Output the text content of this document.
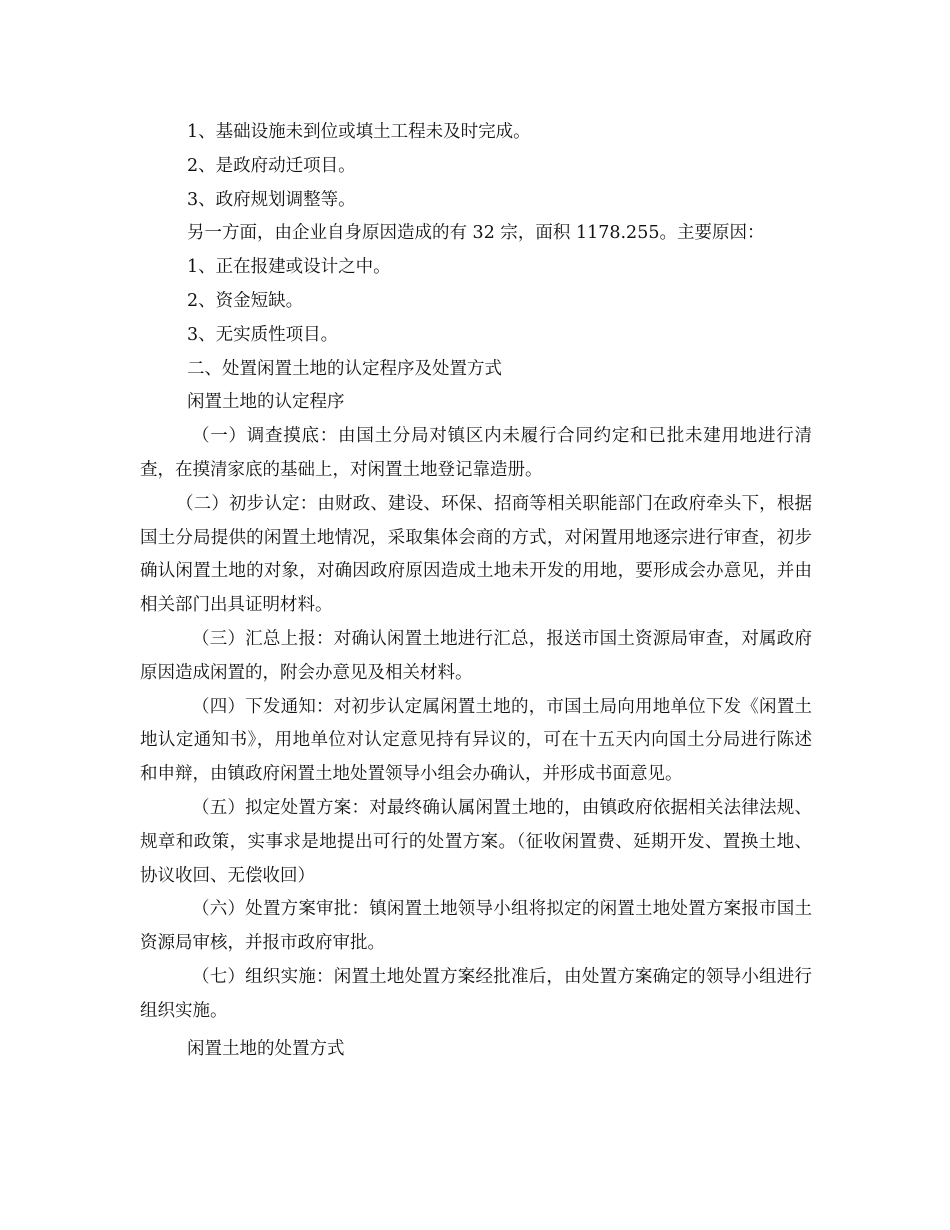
1、基础设施未到位或填土工程未及时完成。

2、是政府动迁项目。

3、政府规划调整等。

另一方面，由企业自身原因造成的有 32 宗，面积 1178.255。主要原因：

1、正在报建或设计之中。

2、资金短缺。

3、无实质性项目。

二、处置闲置土地的认定程序及处置方式

闲置土地的认定程序

（一）调查摸底：由国土分局对镇区内未履行合同约定和已批未建用地进行清查，在摸清家底的基础上，对闲置土地登记靠造册。

（二）初步认定：由财政、建设、环保、招商等相关职能部门在政府牵头下，根据国土分局提供的闲置土地情况，采取集体会商的方式，对闲置用地逐宗进行审查，初步确认闲置土地的对象，对确因政府原因造成土地未开发的用地，要形成会办意见，并由相关部门出具证明材料。

（三）汇总上报：对确认闲置土地进行汇总，报送市国土资源局审查，对属政府原因造成闲置的，附会办意见及相关材料。

（四）下发通知：对初步认定属闲置土地的，市国土局向用地单位下发《闲置土地认定通知书》，用地单位对认定意见持有异议的，可在十五天内向国土分局进行陈述和申辩，由镇政府闲置土地处置领导小组会办确认，并形成书面意见。

（五）拟定处置方案：对最终确认属闲置土地的，由镇政府依据相关法律法规、规章和政策，实事求是地提出可行的处置方案。（征收闲置费、延期开发、置换土地、协议收回、无偿收回）

（六）处置方案审批：镇闲置土地领导小组将拟定的闲置土地处置方案报市国土资源局审核，并报市政府审批。

（七）组织实施：闲置土地处置方案经批准后，由处置方案确定的领导小组进行组织实施。

闲置土地的处置方式
